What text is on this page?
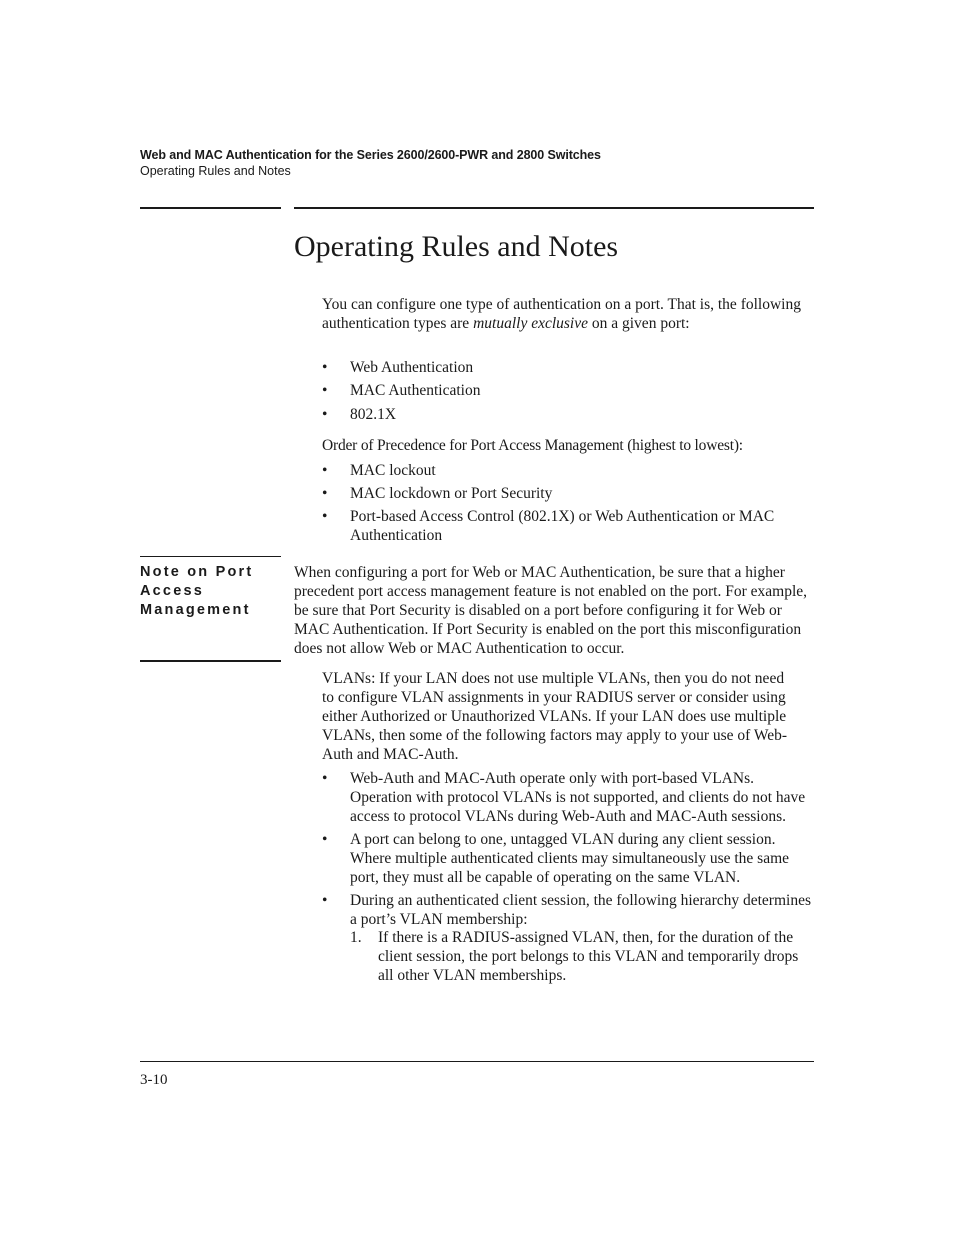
Web and MAC Authentication for the Series 2600/2600-PWR and 2800 Switches
Operating Rules and Notes
Operating Rules and Notes
You can configure one type of authentication on a port. That is, the following authentication types are mutually exclusive on a given port:
• Web Authentication
• MAC Authentication
• 802.1X
Order of Precedence for Port Access Management (highest to lowest):
• MAC lockout
• MAC lockdown or Port Security
• Port-based Access Control (802.1X) or Web Authentication or MAC Authentication
Note on Port Access Management
When configuring a port for Web or MAC Authentication, be sure that a higher precedent port access management feature is not enabled on the port. For example, be sure that Port Security is disabled on a port before configuring it for Web or MAC Authentication. If Port Security is enabled on the port this misconfiguration does not allow Web or MAC Authentication to occur.
VLANs: If your LAN does not use multiple VLANs, then you do not need to configure VLAN assignments in your RADIUS server or consider using either Authorized or Unauthorized VLANs. If your LAN does use multiple VLANs, then some of the following factors may apply to your use of Web-Auth and MAC-Auth.
• Web-Auth and MAC-Auth operate only with port-based VLANs. Operation with protocol VLANs is not supported, and clients do not have access to protocol VLANs during Web-Auth and MAC-Auth sessions.
• A port can belong to one, untagged VLAN during any client session. Where multiple authenticated clients may simultaneously use the same port, they must all be capable of operating on the same VLAN.
• During an authenticated client session, the following hierarchy determines a port’s VLAN membership:
1. If there is a RADIUS-assigned VLAN, then, for the duration of the client session, the port belongs to this VLAN and temporarily drops all other VLAN memberships.
3-10
